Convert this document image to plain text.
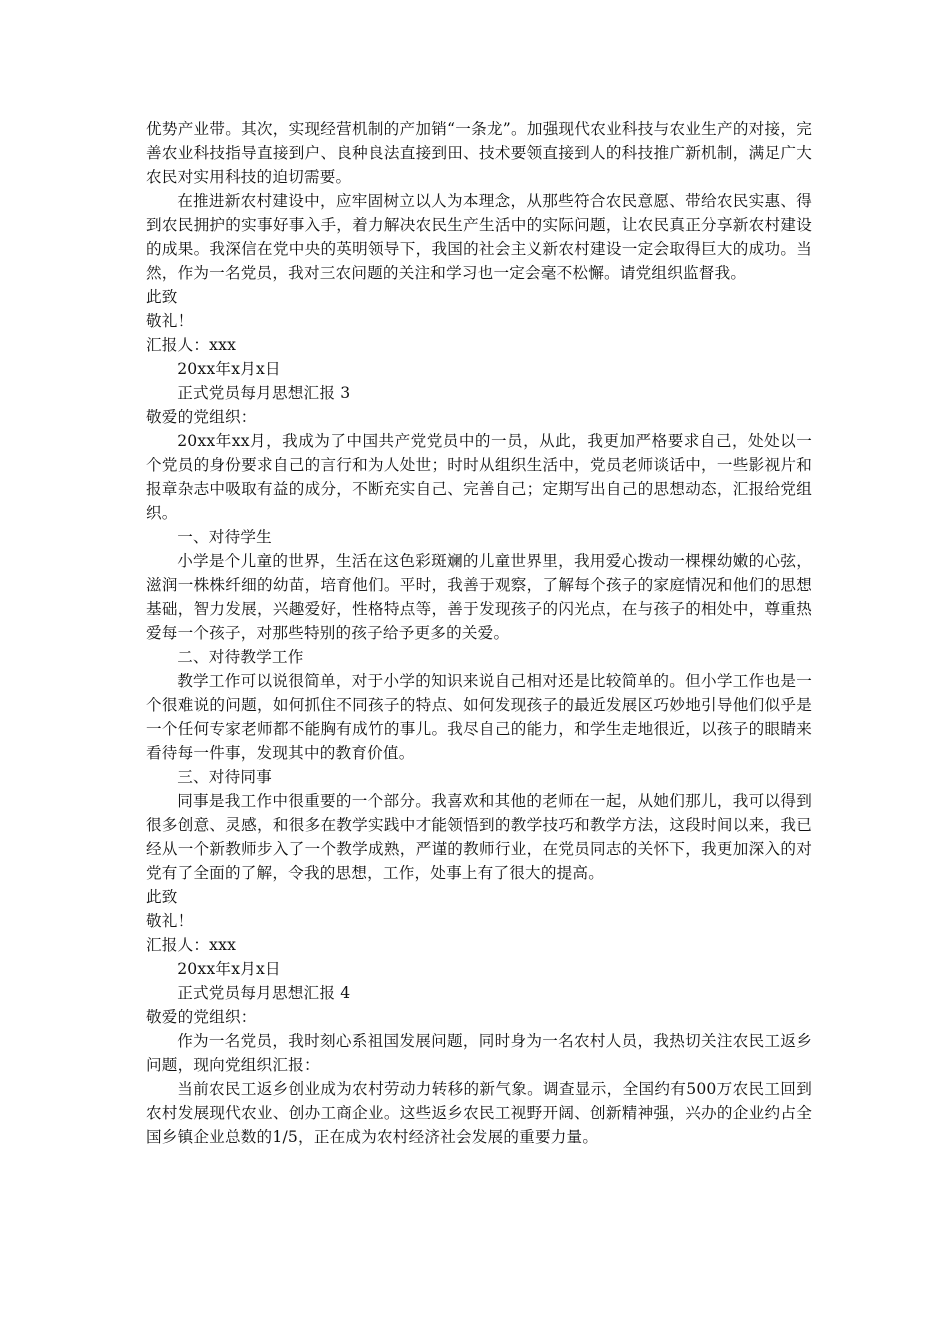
优势产业带。其次，实现经营机制的产加销“一条龙”。加强现代农业科技与农业生产的对接，完善农业科技指导直接到户、良种良法直接到田、技术要领直接到人的科技推广新机制，满足广大农民对实用科技的迫切需要。

在推进新农村建设中，应牢固树立以人为本理念，从那些符合农民意愿、带给农民实惠、得到农民拥护的实事好事入手，着力解决农民生产生活中的实际问题，让农民真正分享新农村建设的成果。我深信在党中央的英明领导下，我国的社会主义新农村建设一定会取得巨大的成功。当然，作为一名党员，我对三农问题的关注和学习也一定会毫不松懈。请党组织监督我。

此致
敬礼！
汇报人：xxx
20xx年x月x日
正式党员每月思想汇报 3
敬爱的党组织：

20xx年xx月，我成为了中国共产党党员中的一员，从此，我更加严格要求自己，处处以一个党员的身份要求自己的言行和为人处世；时时从组织生活中，党员老师谈话中，一些影视片和报章杂志中吸取有益的成分，不断充实自己、完善自己；定期写出自己的思想动态，汇报给党组织。

一、对待学生

小学是个儿童的世界，生活在这色彩斑斓的儿童世界里，我用爱心拨动一棵棵幼嫩的心弦，滋润一株株纤细的幼苗，培育他们。平时，我善于观察，了解每个孩子的家庭情况和他们的思想基础，智力发展，兴趣爱好，性格特点等，善于发现孩子的闪光点，在与孩子的相处中，尊重热爱每一个孩子，对那些特别的孩子给予更多的关爱。

二、对待教学工作

教学工作可以说很简单，对于小学的知识来说自己相对还是比较简单的。但小学工作也是一个很难说的问题，如何抓住不同孩子的特点、如何发现孩子的最近发展区巧妙地引导他们似乎是一个任何专家老师都不能胸有成竹的事儿。我尽自己的能力，和学生走地很近，以孩子的眼睛来看待每一件事，发现其中的教育价值。

三、对待同事

同事是我工作中很重要的一个部分。我喜欢和其他的老师在一起，从她们那儿，我可以得到很多创意、灵感，和很多在教学实践中才能领悟到的教学技巧和教学方法，这段时间以来，我已经从一个新教师步入了一个教学成熟，严谨的教师行业，在党员同志的关怀下，我更加深入的对党有了全面的了解，令我的思想，工作，处事上有了很大的提高。

此致
敬礼！
汇报人：xxx
20xx年x月x日
正式党员每月思想汇报 4
敬爱的党组织：

作为一名党员，我时刻心系祖国发展问题，同时身为一名农村人员，我热切关注农民工返乡问题，现向党组织汇报：

当前农民工返乡创业成为农村劳动力转移的新气象。调查显示，全国约有500万农民工回到农村发展现代农业、创办工商企业。这些返乡农民工视野开阔、创新精神强，兴办的企业约占全国乡镇企业总数的1/5，正在成为农村经济社会发展的重要力量。
